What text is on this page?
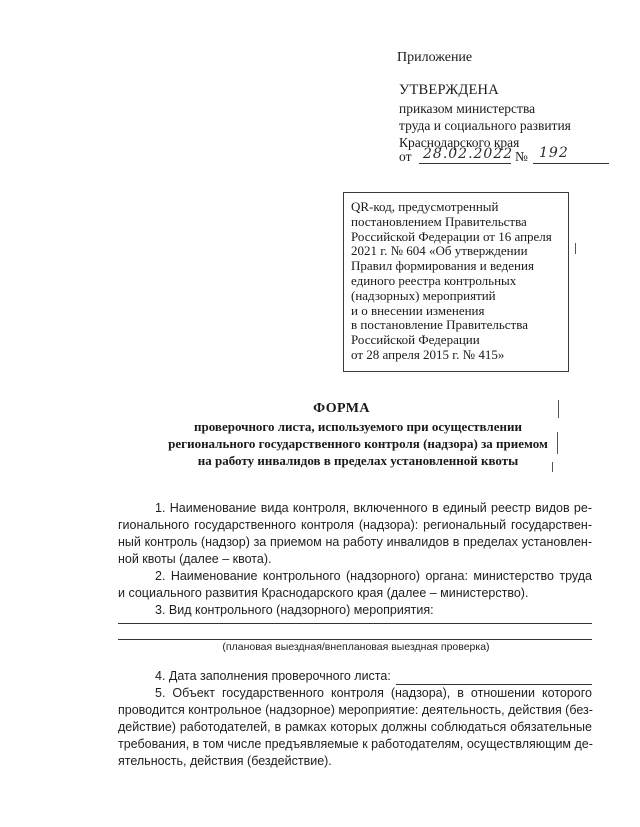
Приложение
УТВЕРЖДЕНА
приказом министерства
труда и социального развития
Краснодарского края
от 28.02.2022 № 192
QR-код, предусмотренный
постановлением Правительства
Российской Федерации от 16 апреля
2021 г. № 604 «Об утверждении
Правил формирования и ведения
единого реестра контрольных
(надзорных) мероприятий
и о внесении изменения
в постановление Правительства
Российской Федерации
от 28 апреля 2015 г. № 415»
ФОРМА
проверочного листа, используемого при осуществлении
регионального государственного контроля (надзора) за приемом
на работу инвалидов в пределах установленной квоты
1. Наименование вида контроля, включенного в единый реестр видов ре-
гионального государственного контроля (надзора): региональный государствен-
ный контроль (надзор) за приемом на работу инвалидов в пределах установлен-
ной квоты (далее – квота).
2. Наименование контрольного (надзорного) органа: министерство труда
и социального развития Краснодарского края (далее – министерство).
3. Вид контрольного (надзорного) мероприятия:
(плановая выездная/внеплановая выездная проверка)
4. Дата заполнения проверочного листа:
5. Объект государственного контроля (надзора), в отношении которого
проводится контрольное (надзорное) мероприятие: деятельность, действия (без-
действие) работодателей, в рамках которых должны соблюдаться обязательные
требования, в том числе предъявляемые к работодателям, осуществляющим де-
ятельность, действия (бездействие).
